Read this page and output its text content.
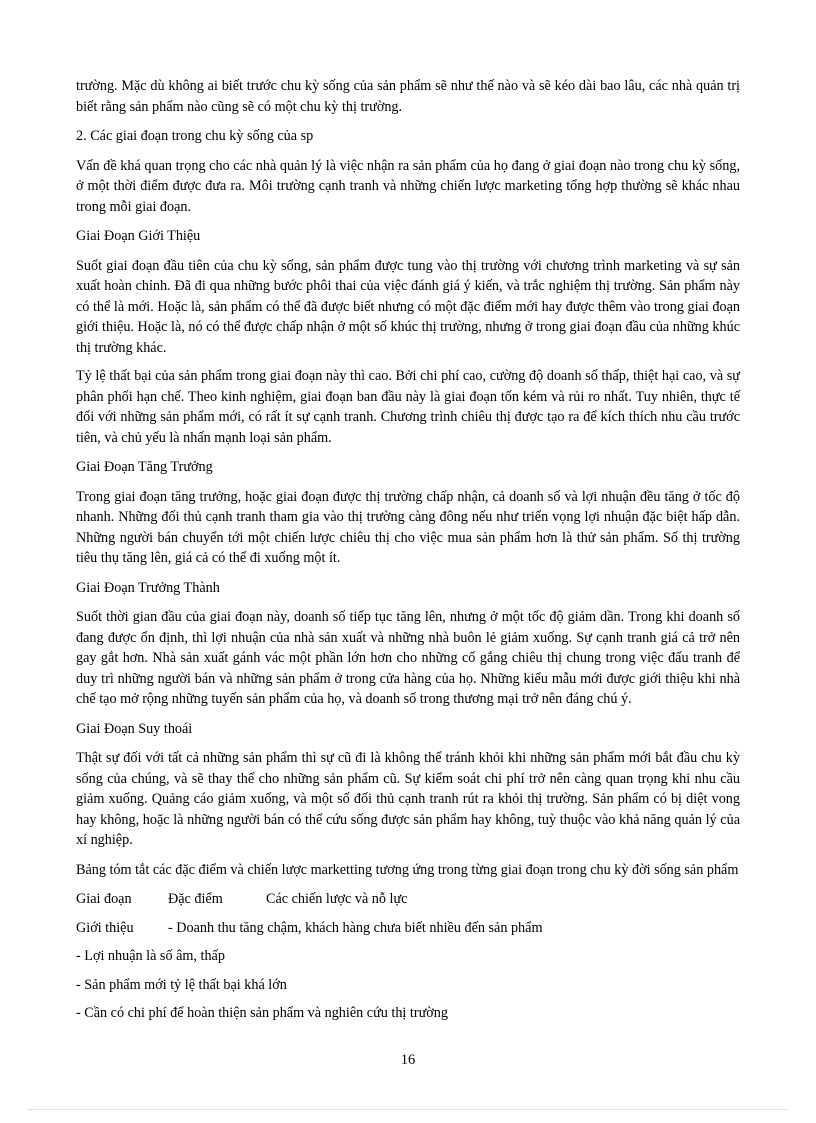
trường. Mặc dù không ai biết trước chu kỳ sống của sản phẩm sẽ như thế nào và sẽ kéo dài bao lâu, các nhà quản trị biết rằng sản phẩm nào cũng sẽ có một chu kỳ thị trường.

2. Các giai đoạn trong chu kỳ sống của sp

Vấn đề khá quan trọng cho các nhà quản lý là việc nhận ra sản phẩm của họ đang ở giai đoạn nào trong chu kỳ sống, ở một thời điểm được đưa ra. Môi trường cạnh tranh và những chiến lược marketing tổng hợp thường sẽ khác nhau trong mỗi giai đoạn.

Giai Đoạn Giới Thiệu

Suốt giai đoạn đầu tiên của chu kỳ sống, sản phẩm được tung vào thị trường với chương trình marketing và sự sản xuất hoàn chỉnh. Đã đi qua những bước phôi thai của việc đánh giá ý kiến, và trắc nghiệm thị trường. Sản phẩm này có thể là mới. Hoặc là, sản phẩm có thể đã được biết nhưng có một đặc điểm mới hay được thêm vào trong giai đoạn giới thiệu. Hoặc là, nó có thể được chấp nhận ở một số khúc thị trường, nhưng ở trong giai đoạn đầu của những khúc thị trường khác.

Tỷ lệ thất bại của sản phẩm trong giai đoạn này thì cao. Bởi chi phí cao, cường độ doanh số thấp, thiệt hại cao, và sự phân phối hạn chế. Theo kinh nghiệm, giai đoạn ban đầu này là giai đoạn tốn kém và rủi ro nhất. Tuy nhiên, thực tế đối với những sản phẩm mới, có rất ít sự cạnh tranh. Chương trình chiêu thị được tạo ra để kích thích nhu cầu trước tiên, và chủ yếu là nhấn mạnh loại sản phẩm.

Giai Đoạn Tăng Trưởng

Trong giai đoạn tăng trưởng, hoặc giai đoạn được thị trường chấp nhận, cả doanh số và lợi nhuận đều tăng ở tốc độ nhanh. Những đối thủ cạnh tranh tham gia vào thị trường càng đông nếu như triển vọng lợi nhuận đặc biệt hấp dẫn. Những người bán chuyển tới một chiến lược chiêu thị cho việc mua sản phẩm hơn là thử sản phẩm. Số thị trường tiêu thụ tăng lên, giá cả có thể đi xuống một ít.

Giai Đoạn Trưởng Thành

Suốt thời gian đầu của giai đoạn này, doanh số tiếp tục tăng lên, nhưng ở một tốc độ giảm dần. Trong khi doanh số đang được ổn định, thì lợi nhuận của nhà sản xuất và những nhà buôn lẻ giảm xuống. Sự cạnh tranh giá cả trở nên gay gắt hơn. Nhà sản xuất gánh vác một phần lớn hơn cho những cố gắng chiêu thị chung trong việc đấu tranh để duy trì những người bán và những sản phẩm ở trong cửa hàng của họ. Những kiểu mẫu mới được giới thiệu khi nhà chế tạo mở rộng những tuyến sản phẩm của họ, và doanh số trong thương mại trở nên đáng chú ý.

Giai Đoạn Suy thoái

Thật sự đối với tất cả những sản phẩm thì sự cũ đi là không thể tránh khỏi khi những sản phẩm mới bắt đầu chu kỳ sống của chúng, và sẽ thay thế cho những sản phẩm cũ. Sự kiểm soát chi phí trở nên càng quan trọng khi nhu cầu giảm xuống. Quảng cáo giảm xuống, và một số đối thủ cạnh tranh rút ra khỏi thị trường. Sản phẩm có bị diệt vong hay không, hoặc là những người bán có thể cứu sống được sản phẩm hay không, tuỳ thuộc vào khả năng quản lý của xí nghiệp.

Bảng tóm tắt các đặc điểm và chiến lược marketting tương ứng trong từng giai đoạn trong chu kỳ đời sống sản phẩm

Giai đoạn	Đặc điểm	Các chiến lược và nỗ lực
Giới thiệu	- Doanh thu tăng chậm, khách hàng chưa biết nhiều đến sản phẩm

- Lợi nhuận là số âm, thấp

- Sản phẩm mới tỷ lệ thất bại khá lớn

- Cần có chi phí để hoàn thiện sản phẩm và nghiên cứu thị trường

16
